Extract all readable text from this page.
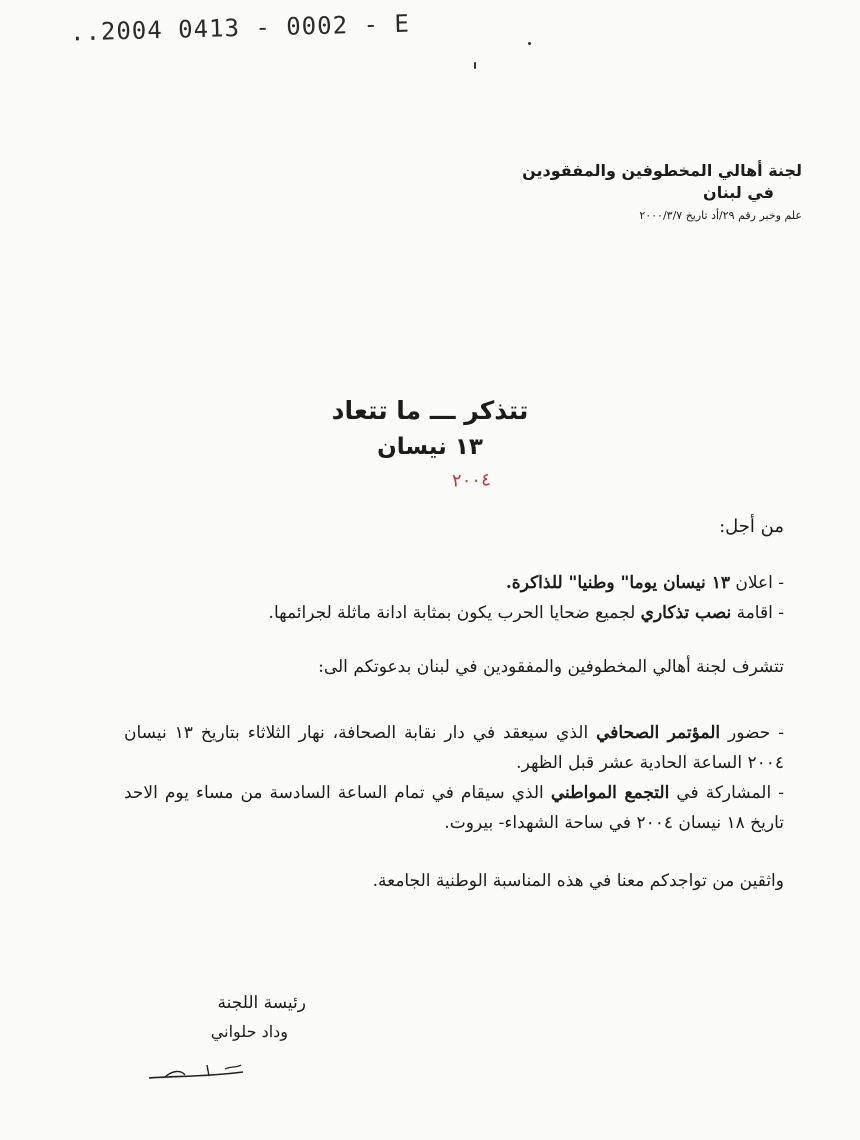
..2004 0413 - 0002 - E
لجنة أهالي المخطوفين والمفقودين
في لبنان
علم وخبر رقم ٢٩/أد تاريخ ٢٠٠٠/٣/٧
تتذكر ـــ ما تتعاد
١٣ نيسان
٢٠٠٤
من أجل:

- اعلان ١٣ نيسان يوما" وطنيا" للذاكرة.

- اقامة نصب تذكاري لجميع ضحايا الحرب يكون بمثابة ادانة ماثلة لجرائمها.

تتشرف لجنة أهالي المخطوفين والمفقودين في لبنان بدعوتكم الى:

- حضور المؤتمر الصحافي الذي سيعقد في دار نقابة الصحافة، نهار الثلاثاء بتاريخ ١٣ نيسان ٢٠٠٤ الساعة الحادية عشر قبل الظهر.

- المشاركة في التجمع المواطني الذي سيقام في تمام الساعة السادسة من مساء يوم الاحد تاريخ ١٨ نيسان ٢٠٠٤ في ساحة الشهداء- بيروت.

واثقين من تواجدكم معنا في هذه المناسبة الوطنية الجامعة.
رئيسة اللجنة
وداد حلواني
